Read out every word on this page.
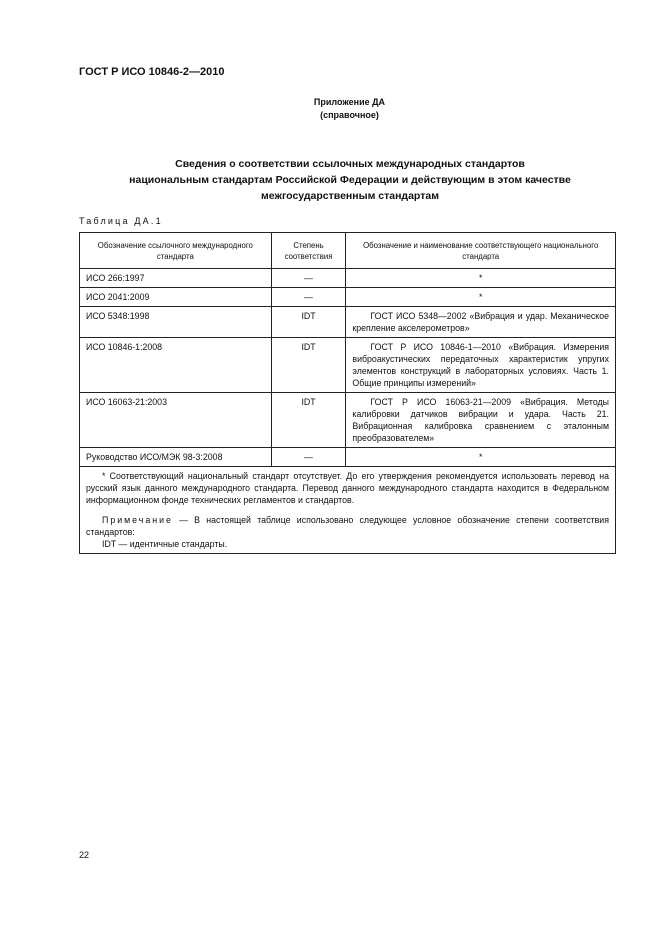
ГОСТ Р ИСО 10846-2—2010
Приложение ДА
(справочное)
Сведения о соответствии ссылочных международных стандартов
национальным стандартам Российской Федерации и действующим в этом качестве
межгосударственным стандартам
Таблица ДА.1
Обозначение ссылочного международного стандарта	Степень соответствия	Обозначение и наименование соответствующего национального стандарта
ИСО 266:1997	—	*
ИСО 2041:2009	—	*
ИСО 5348:1998	IDT	ГОСТ ИСО 5348—2002 «Вибрация и удар. Механическое крепление акселерометров»
ИСО 10846-1:2008	IDT	ГОСТ Р ИСО 10846-1—2010 «Вибрация. Измерения виброакустических передаточных характеристик упругих элементов конструкций в лабораторных условиях. Часть 1. Общие принципы измерений»
ИСО 16063-21:2003	IDT	ГОСТ Р ИСО 16063-21—2009 «Вибрация. Методы калибровки датчиков вибрации и удара. Часть 21. Вибрационная калибровка сравнением с эталонным преобразователем»
Руководство ИСО/МЭК 98-3:2008	—	*

* Соответствующий национальный стандарт отсутствует. До его утверждения рекомендуется использовать перевод на русский язык данного международного стандарта. Перевод данного международного стандарта находится в Федеральном информационном фонде технических регламентов и стандартов.

Примечание — В настоящей таблице использовано следующее условное обозначение степени соответствия стандартов:

IDT — идентичные стандарты.		

22
